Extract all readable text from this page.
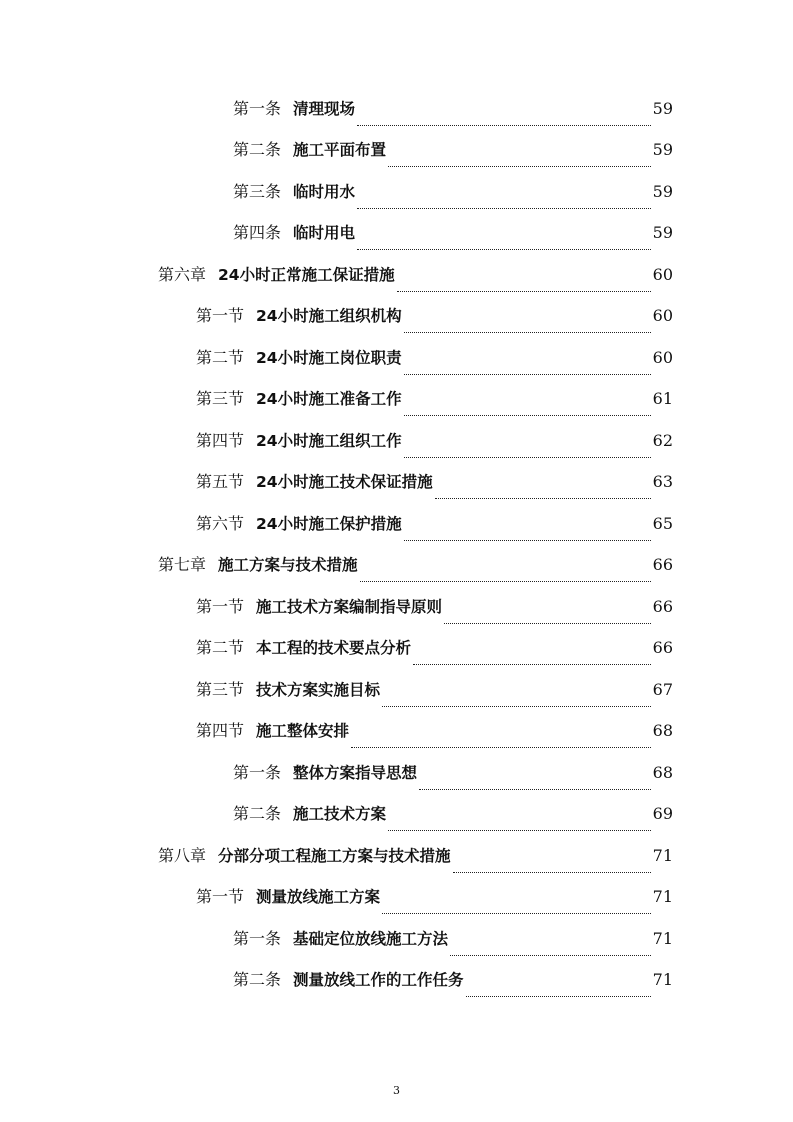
第一条 清理现场	59
第二条 施工平面布置	59
第三条 临时用水	59
第四条 临时用电	59
第六章 24小时正常施工保证措施	60
第一节 24小时施工组织机构	60
第二节 24小时施工岗位职责	60
第三节 24小时施工准备工作	61
第四节 24小时施工组织工作	62
第五节 24小时施工技术保证措施	63
第六节 24小时施工保护措施	65
第七章 施工方案与技术措施	66
第一节 施工技术方案编制指导原则	66
第二节 本工程的技术要点分析	66
第三节 技术方案实施目标	67
第四节 施工整体安排	68
第一条 整体方案指导思想	68
第二条 施工技术方案	69
第八章 分部分项工程施工方案与技术措施	71
第一节 测量放线施工方案	71
第一条 基础定位放线施工方法	71
第二条 测量放线工作的工作任务	71
3
